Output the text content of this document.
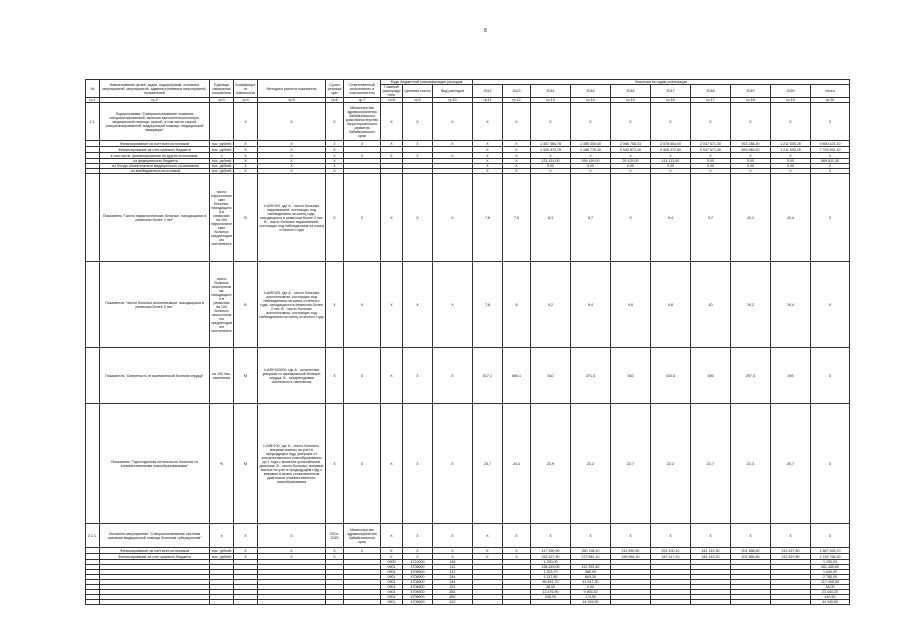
8
№	Наименование целей, задач, подпрограмм, основных мероприятий, мероприятий, административных мероприятий, показателей	Единица измерения показателя	Коэффициент значимости	Методика расчета показателя	Сроки реализации	Ответственный исполнитель и соисполнители	Коды бюджетной классификации расходов			Значения по годам реализации									
							Главный распорядитель	Целевая статья	Вид расходов	2012	2013	2014	2015	2016	2017	2018	2019	2020	Итого

гр.1	гр.2	гр.3	гр.4	гр.5	гр.6	гр.7	гр.8	гр.9	гр.10	гр.11	гр.12	гр.13	гр.14	гр.15	гр.16	гр.17	гр.18	гр.19	гр.20
2.1.	Подпрограмма "Совершенствование оказания специализированной, включая высокотехнологичную, медицинской помощи, скорой, в том числе скорой специализированной, медицинской помощи, медицинской эвакуации"		Х	Х	Х	Министерство здравоохранения Забайкальского края Министерство территориального развития Забайкальского края	Х	Х	Х	Х	Х	Х	Х	Х	Х	Х	Х	Х	Х
	Финансирование за счет всех источников	тыс. рублей	Х	Х	Х	Х	Х	Х	Х	Х	Х	1 457 384,78	1 485 305,40	2 066 756,33	2 578 654,00	2 047 571,30	923 188,20	1 211 505,20	9 850 424,10
	Финансирование за счет краевого бюджета	тыс. рублей	Х	Х	Х					Х	Х	1 325 970,78	1 186 770,40	2 040 871,10	2 405 472,50	2 047 571,30	829 948,20	1 211 505,20	7 709 461,10
	в том числе, финансирование из других источников:	х	Х	Х	Х	Х	Х	Х	Х	Х	Х	Х	Х	Х	Х	Х	Х	Х	Х
	- из федерального бюджета	тыс. рублей	Х	Х	Х					Х	Х	131 414,00	299 159,00	25 125,00	114 113,00	0,00	0,00	0,00	569 811,00
	- из Фонда обязательного медицинского страхования	тыс. рублей	Х	Х	Х					Х	Х	0,00	0,00	0,00	0,00	0,00	0,00	0,00	0
	- из внебюджетных источников	тыс. рублей	Х	Х	Х					Х	Х	0	0	0	0	0	0	0	0
	Показатель "Число наркологических больных, находящихся в ремиссии более 2 лет"	число наркологических больных, находящихся в ремиссии на 100 наркологических больных среднегодового контингента	В	I=A/B*100, где А - число больных наркоманией, состоящих под наблюдением на конец года, находящихся в ремиссии более 2 лет, В - число больных наркоманией, состоящих под наблюдением на конец отчетного года	Х	Х	Х	Х	Х	7,6	7,9	8,3	8,7	9	9,4	9,7	10,1	10,4	Х
	Показатель "Число больных алкоголизмом, находящихся в ремиссии более 2 лет"	число больных алкоголизмом, находящихся в ремиссии на 100 больных алкоголизмом среднегодового контингента	В	I=A/B*100, где А - число больных алкоголизмом, состоящих под наблюдением на конец отчетного года, находящихся в ремиссии более 2 лет, В - число больных алкоголизмом, состоящих под наблюдением на конец отчетного года	Х	Х	Х	Х	Х	7,6	8	9,2	9,4	9,6	9,8	10	10,2	10,4	Х
	Показатель "Смертность от ишемической болезни сердца"	на 100 тыс. населения	М	I=A/B*100000, где А - количество умерших от ишемической болезни сердца, В - среднегодовая численность населения	Х	Х	Х	Х	Х	617,1	606,1	510	371,5	302	310,6	306	297,5	293	Х
	Показатель "Одногодичная летальность больных со злокачественными новообразованиями"	%	М	I=A/B*100, где А - число больных, впервые взятых на учет в предыдущем году, умерших от злокачественного новообразования до 1 года с момента установления диагноза, В - число больных, впервые взятых на учет в предыдущем году с впервые в жизни установленным диагнозом злокачественного новообразования	Х	Х	Х	Х	Х	24,7	24,4	23,9	23,2	22,7	22,2	21,7	21,3	20,7	Х
2.1.1.	Основное мероприятие "Совершенствование системы оказания медицинской помощи больным туберкулезом"	х	Х	Х	2014-2020	Министерство здравоохранения Забайкальского края	Х	Х	Х	Х	Х	Х	Х	Х	Х	Х	Х	Х	Х
	Финансирование за счет всех источников	тыс. рублей	Х	Х	Х	Х	Х	Х	Х	Х	Х	417 390,90	350 198,10	211 990,00	293 100,10	181 143,30	201 588,90	212 627,80	1 867 926,70
	Финансирование за счет краевого бюджета	тыс. рублей	Х	Х	Х		Х	Х	Х	Х	Х	332 427,90	273 581,10	195 584,20	187 417,10	181 143,30	201 588,90	212 627,80	1 745 756,30
							0900	4710000	244			1 290,00							1 290,00
							0901	4708900	111			158 449,00	112 993,40						281 455,60
							0901	4708900	112			1 253,70	385,00						1 640,00
							0901	4708900	244			1 117,80	663,30						2 780,00
							0901	4708900	244			80 651,70	41 617,30						117 405,80
							0901	4708900	321			48,00	0,00						48,00
							0901	4708900	851			13 476,90	9 963,30						23 440,20
							0901	4708900	852			246,00	174,50						440,50
							0901	4708900	612				44 345,50						44 345,50
